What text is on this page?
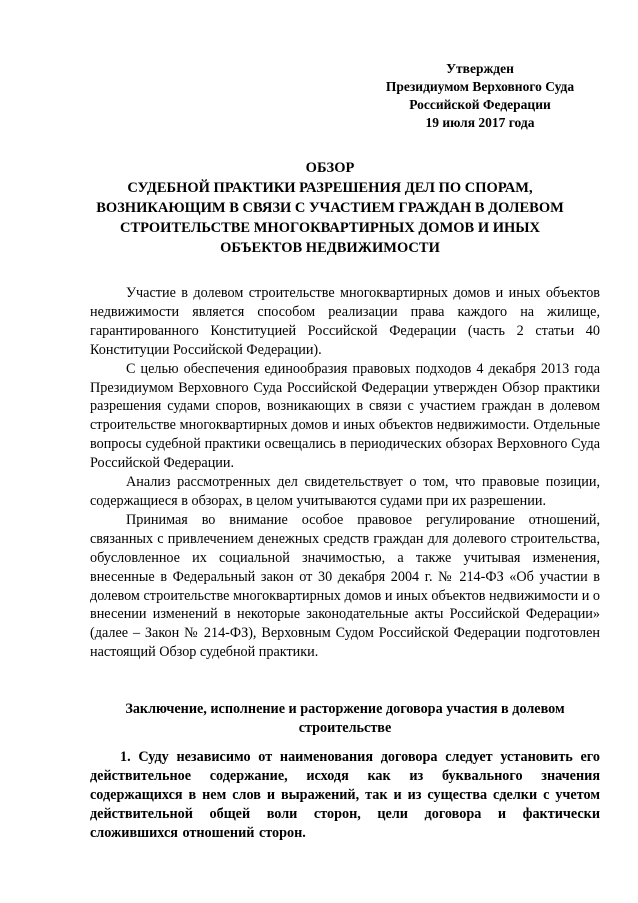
Утвержден
Президиумом Верховного Суда
Российской Федерации
19 июля 2017 года
ОБЗОР
СУДЕБНОЙ ПРАКТИКИ РАЗРЕШЕНИЯ ДЕЛ ПО СПОРАМ,
ВОЗНИКАЮЩИМ В СВЯЗИ С УЧАСТИЕМ ГРАЖДАН В ДОЛЕВОМ
СТРОИТЕЛЬСТВЕ МНОГОКВАРТИРНЫХ ДОМОВ И ИНЫХ
ОБЪЕКТОВ НЕДВИЖИМОСТИ

Участие в долевом строительстве многоквартирных домов и иных объектов недвижимости является способом реализации права каждого на жилище, гарантированного Конституцией Российской Федерации (часть 2 статьи 40 Конституции Российской Федерации).

С целью обеспечения единообразия правовых подходов 4 декабря 2013 года Президиумом Верховного Суда Российской Федерации утвержден Обзор практики разрешения судами споров, возникающих в связи с участием граждан в долевом строительстве многоквартирных домов и иных объектов недвижимости. Отдельные вопросы судебной практики освещались в периодических обзорах Верховного Суда Российской Федерации.

Анализ рассмотренных дел свидетельствует о том, что правовые позиции, содержащиеся в обзорах, в целом учитываются судами при их разрешении.

Принимая во внимание особое правовое регулирование отношений, связанных с привлечением денежных средств граждан для долевого строительства, обусловленное их социальной значимостью, а также учитывая изменения, внесенные в Федеральный закон от 30 декабря 2004 г. № 214-ФЗ «Об участии в долевом строительстве многоквартирных домов и иных объектов недвижимости и о внесении изменений в некоторые законодательные акты Российской Федерации» (далее – Закон № 214-ФЗ), Верховным Судом Российской Федерации подготовлен настоящий Обзор судебной практики.

Заключение, исполнение и расторжение договора участия в долевом строительстве

1. Суду независимо от наименования договора следует установить его действительное содержание, исходя как из буквального значения содержащихся в нем слов и выражений, так и из существа сделки с учетом действительной общей воли сторон, цели договора и фактически сложившихся отношений сторон.
